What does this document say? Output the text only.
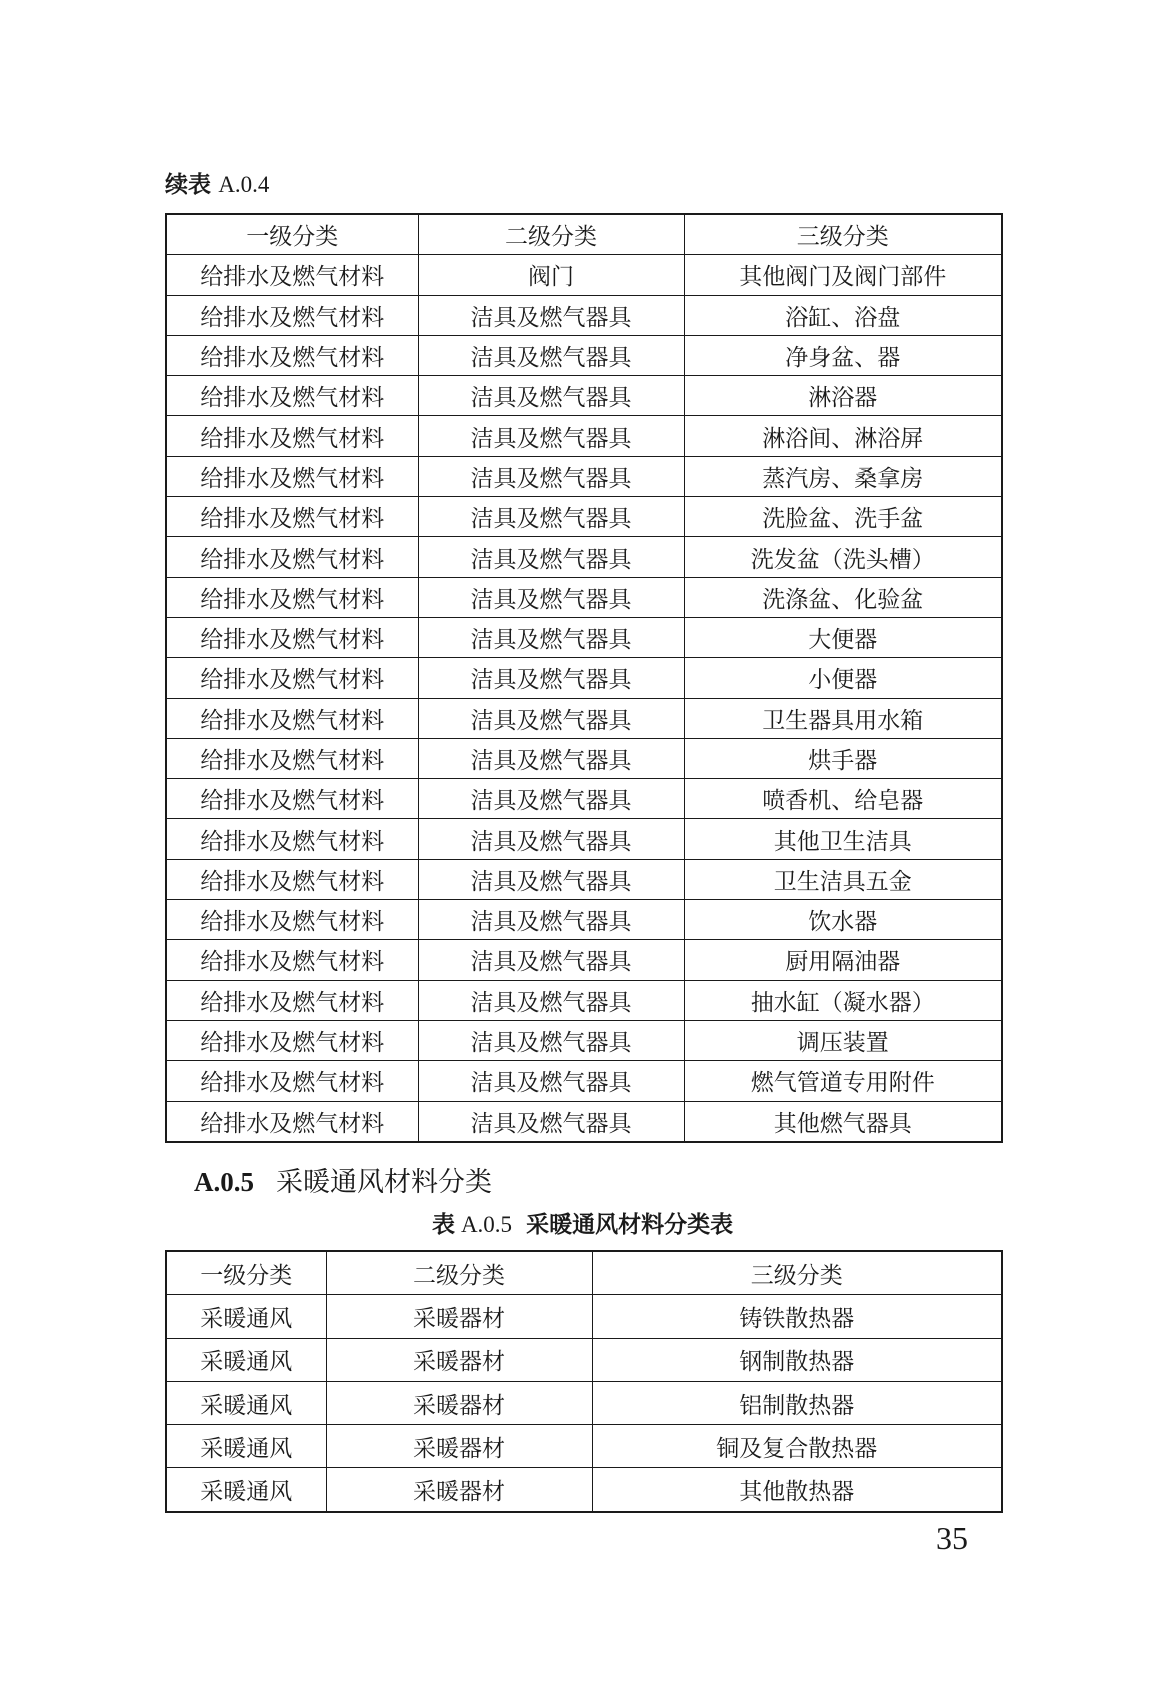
续表 A.0.4
一级分类	二级分类	三级分类
给排水及燃气材料	阀门	其他阀门及阀门部件
给排水及燃气材料	洁具及燃气器具	浴缸、浴盘
给排水及燃气材料	洁具及燃气器具	净身盆、器
给排水及燃气材料	洁具及燃气器具	淋浴器
给排水及燃气材料	洁具及燃气器具	淋浴间、淋浴屏
给排水及燃气材料	洁具及燃气器具	蒸汽房、桑拿房
给排水及燃气材料	洁具及燃气器具	洗脸盆、洗手盆
给排水及燃气材料	洁具及燃气器具	洗发盆（洗头槽）
给排水及燃气材料	洁具及燃气器具	洗涤盆、化验盆
给排水及燃气材料	洁具及燃气器具	大便器
给排水及燃气材料	洁具及燃气器具	小便器
给排水及燃气材料	洁具及燃气器具	卫生器具用水箱
给排水及燃气材料	洁具及燃气器具	烘手器
给排水及燃气材料	洁具及燃气器具	喷香机、给皂器
给排水及燃气材料	洁具及燃气器具	其他卫生洁具
给排水及燃气材料	洁具及燃气器具	卫生洁具五金
给排水及燃气材料	洁具及燃气器具	饮水器
给排水及燃气材料	洁具及燃气器具	厨用隔油器
给排水及燃气材料	洁具及燃气器具	抽水缸（凝水器）
给排水及燃气材料	洁具及燃气器具	调压装置
给排水及燃气材料	洁具及燃气器具	燃气管道专用附件
给排水及燃气材料	洁具及燃气器具	其他燃气器具
A.0.5 采暖通风材料分类
表 A.0.5 采暖通风材料分类表
一级分类	二级分类	三级分类
采暖通风	采暖器材	铸铁散热器
采暖通风	采暖器材	钢制散热器
采暖通风	采暖器材	铝制散热器
采暖通风	采暖器材	铜及复合散热器
采暖通风	采暖器材	其他散热器
35
